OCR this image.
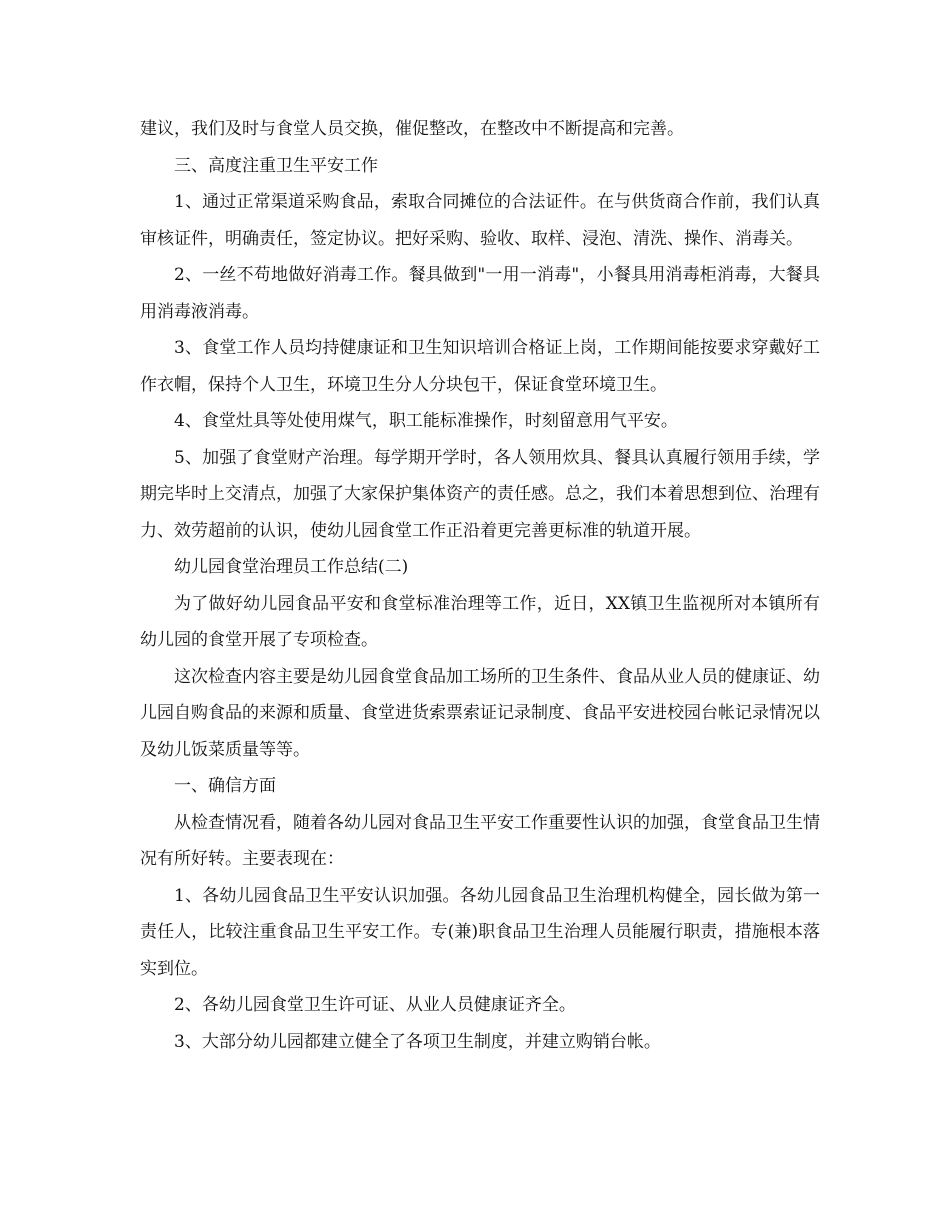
建议，我们及时与食堂人员交换，催促整改，在整改中不断提高和完善。

三、高度注重卫生平安工作

1、通过正常渠道采购食品，索取合同摊位的合法证件。在与供货商合作前，我们认真审核证件，明确责任，签定协议。把好采购、验收、取样、浸泡、清洗、操作、消毒关。

2、一丝不苟地做好消毒工作。餐具做到"一用一消毒"，小餐具用消毒柜消毒，大餐具用消毒液消毒。

3、食堂工作人员均持健康证和卫生知识培训合格证上岗，工作期间能按要求穿戴好工作衣帽，保持个人卫生，环境卫生分人分块包干，保证食堂环境卫生。

4、食堂灶具等处使用煤气，职工能标准操作，时刻留意用气平安。

5、加强了食堂财产治理。每学期开学时，各人领用炊具、餐具认真履行领用手续，学期完毕时上交清点，加强了大家保护集体资产的责任感。总之，我们本着思想到位、治理有力、效劳超前的认识，使幼儿园食堂工作正沿着更完善更标准的轨道开展。

幼儿园食堂治理员工作总结(二)

为了做好幼儿园食品平安和食堂标准治理等工作，近日，XX镇卫生监视所对本镇所有幼儿园的食堂开展了专项检查。

这次检查内容主要是幼儿园食堂食品加工场所的卫生条件、食品从业人员的健康证、幼儿园自购食品的来源和质量、食堂进货索票索证记录制度、食品平安进校园台帐记录情况以及幼儿饭菜质量等等。

一、确信方面

从检查情况看，随着各幼儿园对食品卫生平安工作重要性认识的加强，食堂食品卫生情况有所好转。主要表现在：

1、各幼儿园食品卫生平安认识加强。各幼儿园食品卫生治理机构健全，园长做为第一责任人，比较注重食品卫生平安工作。专(兼)职食品卫生治理人员能履行职责，措施根本落实到位。

2、各幼儿园食堂卫生许可证、从业人员健康证齐全。

3、大部分幼儿园都建立健全了各项卫生制度，并建立购销台帐。
